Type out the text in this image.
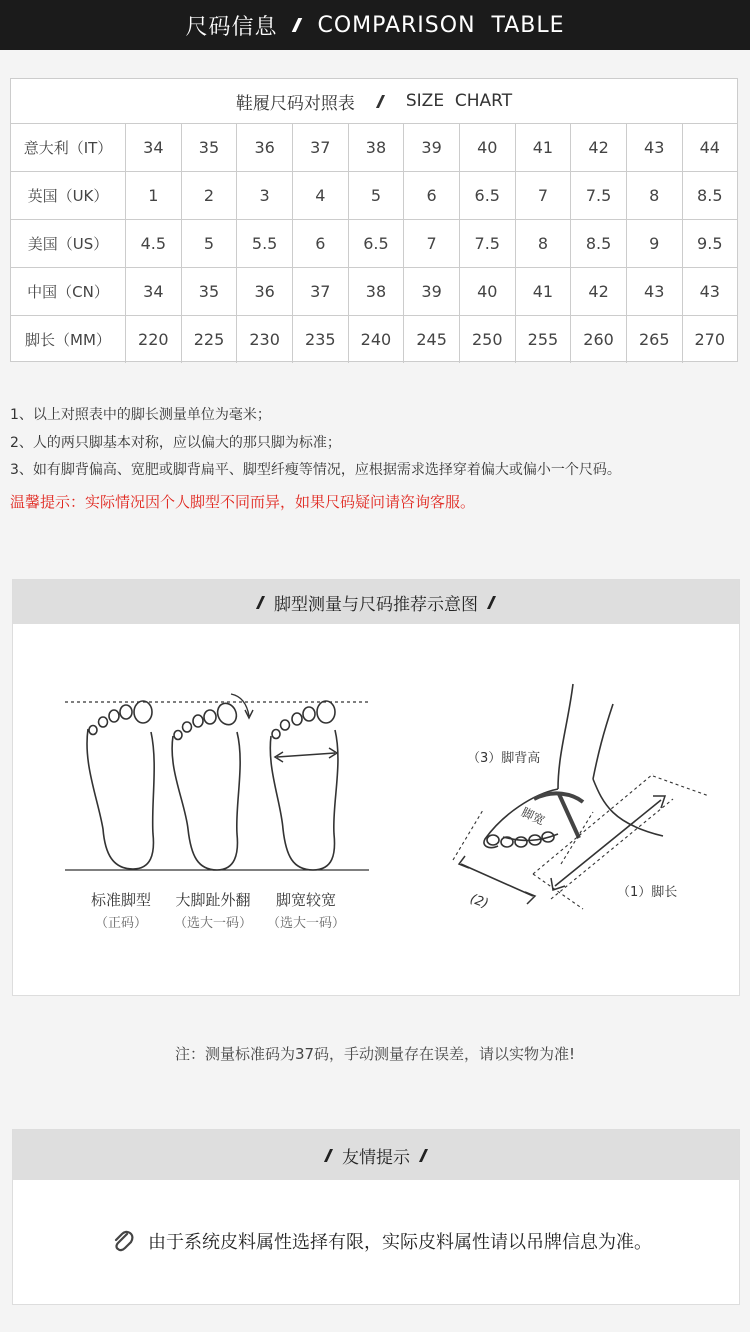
尺码信息 COMPARISON  TABLE
鞋履尺码对照表	SIZE  CHART
意大利（IT）	34	35	36	37	38	39	40	41	42	43	44
英国（UK）	1	2	3	4	5	6	6.5	7	7.5	8	8.5
美国（US）	4.5	5	5.5	6	6.5	7	7.5	8	8.5	9	9.5
中国（CN）	34	35	36	37	38	39	40	41	42	43	43
脚长（MM）	220	225	230	235	240	245	250	255	260	265	270
1、以上对照表中的脚长测量单位为毫米；
2、人的两只脚基本对称，应以偏大的那只脚为标准；
3、如有脚背偏高、宽肥或脚背扁平、脚型纤瘦等情况，应根据需求选择穿着偏大或偏小一个尺码。
温馨提示：实际情况因个人脚型不同而异，如果尺码疑问请咨询客服。
脚型测量与尺码推荐示意图
脚宽
（3）脚背高
（1）脚长
(2)
标准脚型
（正码）
大脚趾外翻
（选大一码）
脚宽较宽
（选大一码）
注：测量标准码为37码，手动测量存在误差，请以实物为准!
友情提示
由于系统皮料属性选择有限，实际皮料属性请以吊牌信息为准。
